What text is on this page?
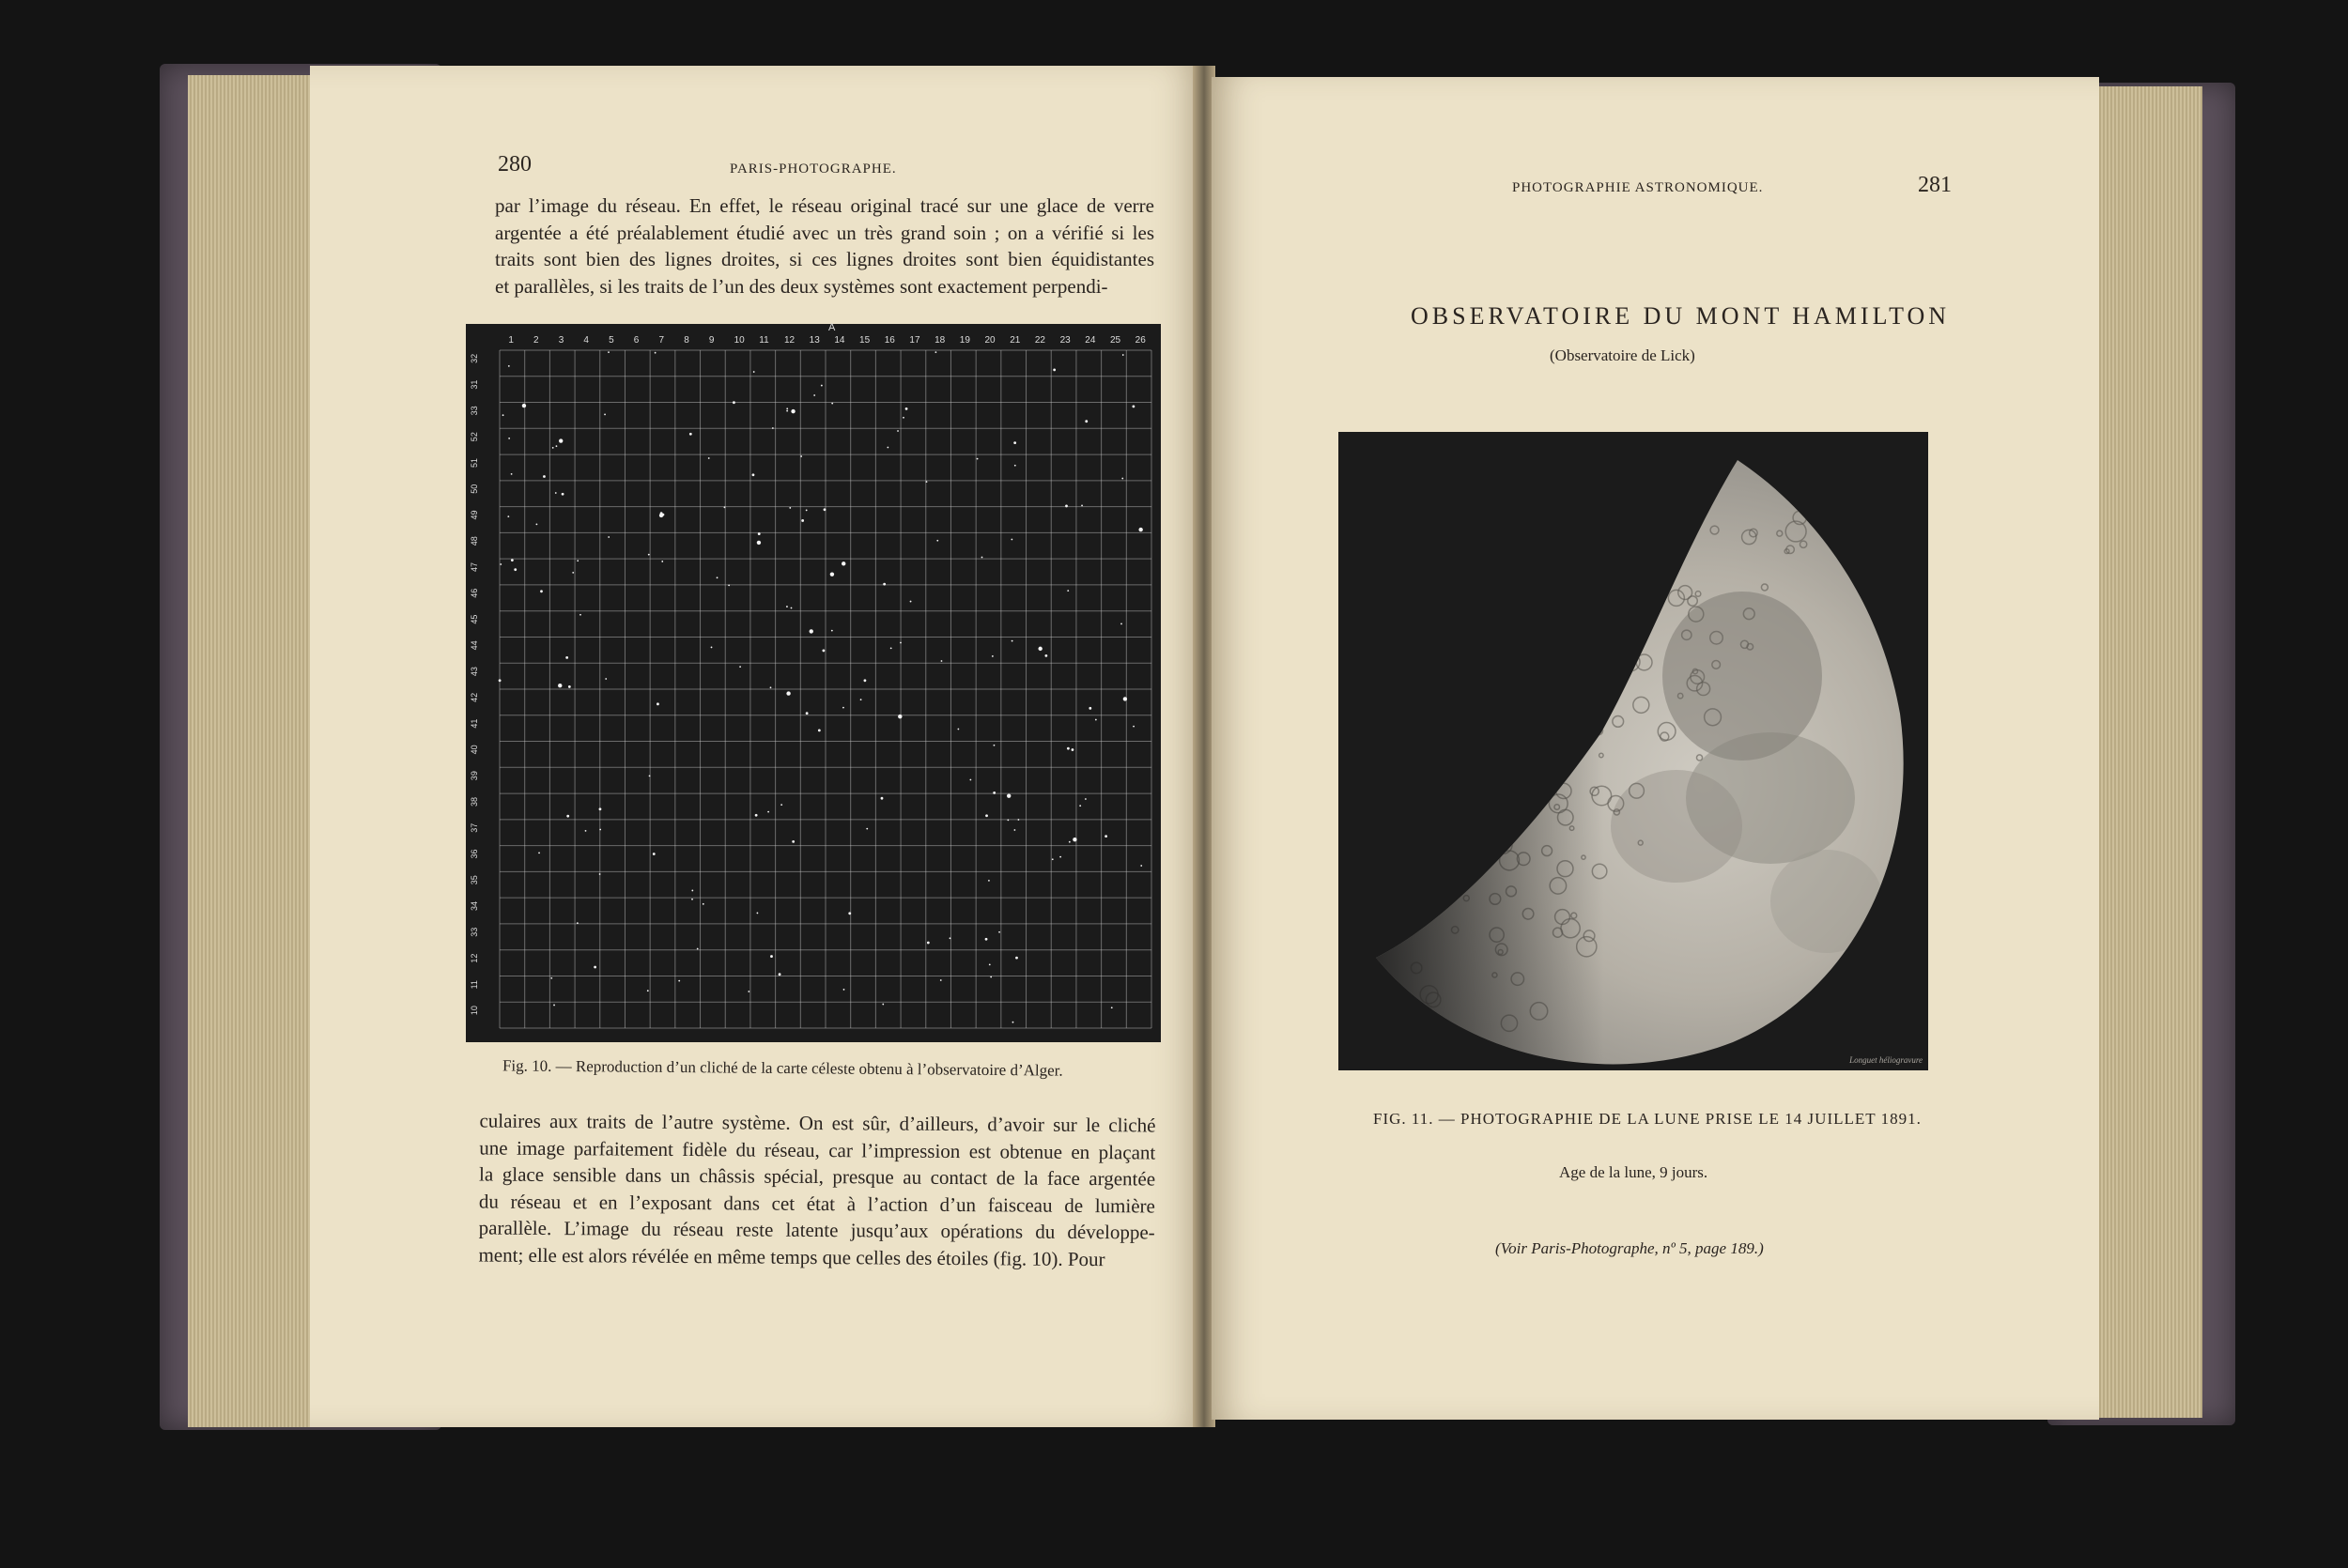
280	PARIS-PHOTOGRAPHE.
par l’image du réseau. En effet, le réseau original tracé sur une glace de verre
argentée a été préalablement étudié avec un très grand soin ; on a vérifié si les
traits sont bien des lignes droites, si ces lignes droites sont bien équidistantes
et parallèles, si les traits de l’un des deux systèmes sont exactement perpendi-
1 2 3 4 5 6 7 8 9 10 11 12 13 14 15 16 17 18 19 20 21 22 23 24 25 26
32
31
33
52
51
50
49
48
47
46
45
44
43
42
41
40
39
38
37
36
35
34
33
12
11
10
A
Fig. 10. — Reproduction d’un cliché de la carte céleste obtenu à l’observatoire d’Alger.
culaires aux traits de l’autre système. On est sûr, d’ailleurs, d’avoir sur le cliché
une image parfaitement fidèle du réseau, car l’impression est obtenue en plaçant
la glace sensible dans un châssis spécial, presque au contact de la face argentée
du réseau et en l’exposant dans cet état à l’action d’un faisceau de lumière
parallèle. L’image du réseau reste latente jusqu’aux opérations du développe-
ment; elle est alors révélée en même temps que celles des étoiles (fig. 10). Pour
PHOTOGRAPHIE ASTRONOMIQUE.	281
OBSERVATOIRE DU MONT HAMILTON
(Observatoire de Lick)
Longuet héliogravure
FIG. 11. — PHOTOGRAPHIE DE LA LUNE PRISE LE 14 JUILLET 1891.
Age de la lune, 9 jours.
(Voir Paris-Photographe, nº 5, page 189.)
